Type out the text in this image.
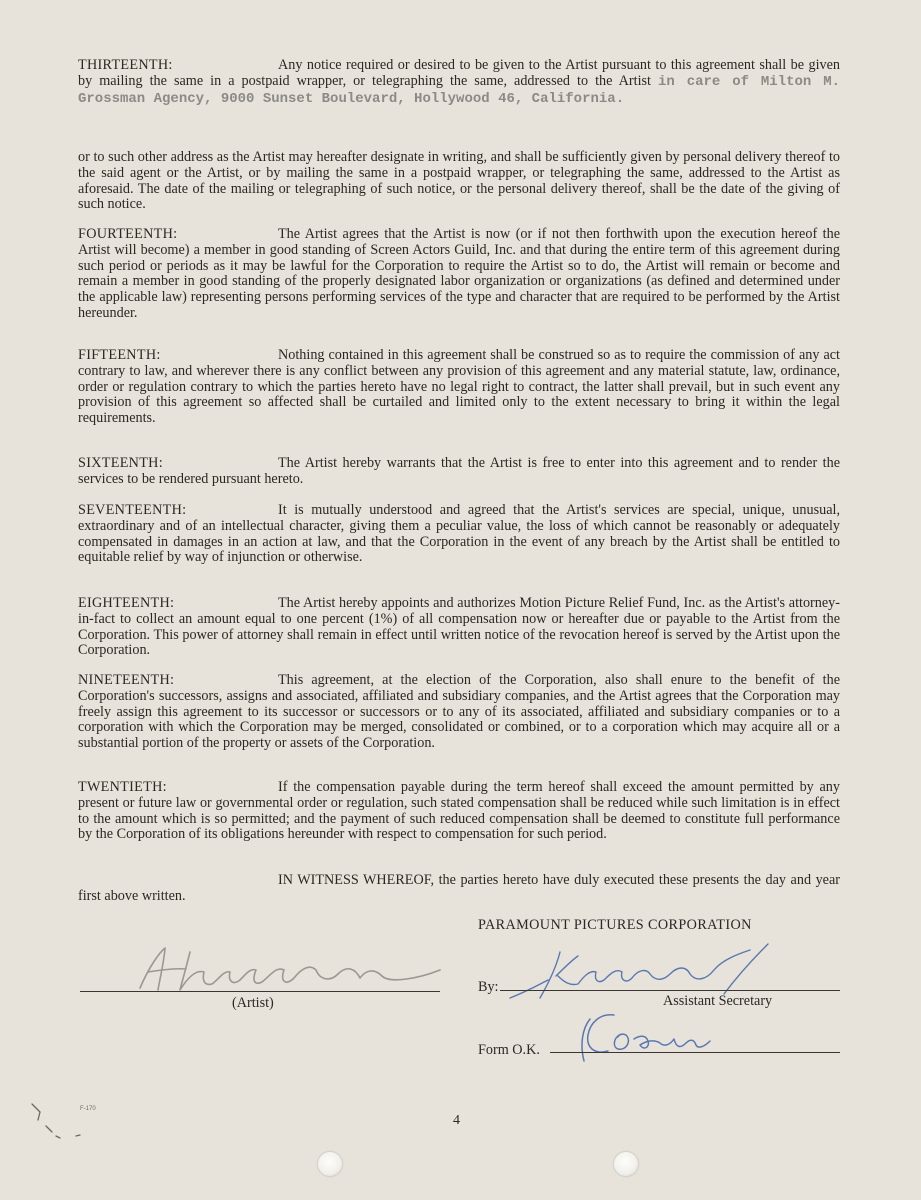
THIRTEENTH:	Any notice required or desired to be given to the Artist pursuant to this agreement shall be given by mailing the same in a postpaid wrapper, or telegraphing the same, addressed to the Artist in care of Milton M. Grossman Agency, 9000 Sunset Boulevard, Hollywood 46, California.
or to such other address as the Artist may hereafter designate in writing, and shall be sufficiently given by personal delivery thereof to the said agent or the Artist, or by mailing the same in a postpaid wrapper, or telegraphing the same, addressed to the Artist as aforesaid. The date of the mailing or telegraphing of such notice, or the personal delivery thereof, shall be the date of the giving of such notice.
FOURTEENTH:	The Artist agrees that the Artist is now (or if not then forthwith upon the execution hereof the Artist will become) a member in good standing of Screen Actors Guild, Inc. and that during the entire term of this agreement during such period or periods as it may be lawful for the Corporation to require the Artist so to do, the Artist will remain or become and remain a member in good standing of the properly designated labor organization or organizations (as defined and determined under the applicable law) representing persons performing services of the type and character that are required to be performed by the Artist hereunder.
FIFTEENTH:	Nothing contained in this agreement shall be construed so as to require the commission of any act contrary to law, and wherever there is any conflict between any provision of this agreement and any material statute, law, ordinance, order or regulation contrary to which the parties hereto have no legal right to contract, the latter shall prevail, but in such event any provision of this agreement so affected shall be curtailed and limited only to the extent necessary to bring it within the legal requirements.
SIXTEENTH:	The Artist hereby warrants that the Artist is free to enter into this agreement and to render the services to be rendered pursuant hereto.
SEVENTEENTH:	It is mutually understood and agreed that the Artist's services are special, unique, unusual, extraordinary and of an intellectual character, giving them a peculiar value, the loss of which cannot be reasonably or adequately compensated in damages in an action at law, and that the Corporation in the event of any breach by the Artist shall be entitled to equitable relief by way of injunction or otherwise.
EIGHTEENTH:	The Artist hereby appoints and authorizes Motion Picture Relief Fund, Inc. as the Artist's attorney-in-fact to collect an amount equal to one percent (1%) of all compensation now or hereafter due or payable to the Artist from the Corporation. This power of attorney shall remain in effect until written notice of the revocation hereof is served by the Artist upon the Corporation.
NINETEENTH:	This agreement, at the election of the Corporation, also shall enure to the benefit of the Corporation's successors, assigns and associated, affiliated and subsidiary companies, and the Artist agrees that the Corporation may freely assign this agreement to its successor or successors or to any of its associated, affiliated and subsidiary companies or to a corporation with which the Corporation may be merged, consolidated or combined, or to a corporation which may acquire all or a substantial portion of the property or assets of the Corporation.
TWENTIETH:	If the compensation payable during the term hereof shall exceed the amount permitted by any present or future law or governmental order or regulation, such stated compensation shall be reduced while such limitation is in effect to the amount which is so permitted; and the payment of such reduced compensation shall be deemed to constitute full performance by the Corporation of its obligations hereunder with respect to compensation for such period.
IN WITNESS WHEREOF, the parties hereto have duly executed these presents the day and year first above written.
PARAMOUNT PICTURES CORPORATION
(Artist)
By:
Assistant Secretary
Form O.K.
F-170
4
